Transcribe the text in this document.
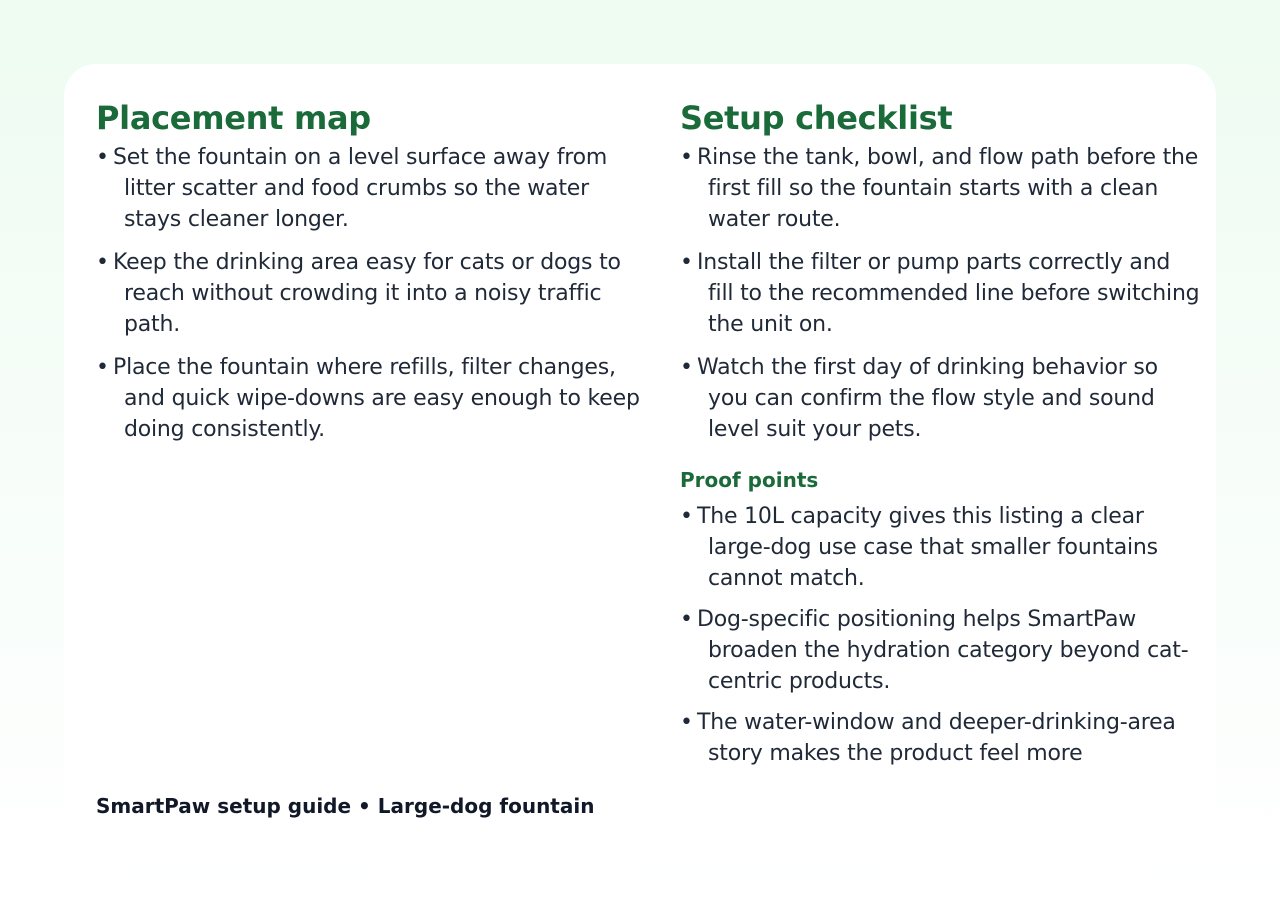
Placement map
• Set the fountain on a level surface away from litter scatter and food crumbs so the water stays cleaner longer.
• Keep the drinking area easy for cats or dogs to reach without crowding it into a noisy traffic path.
• Place the fountain where refills, filter changes, and quick wipe-downs are easy enough to keep doing consistently.
Setup checklist
• Rinse the tank, bowl, and flow path before the first fill so the fountain starts with a clean water route.
• Install the filter or pump parts correctly and fill to the recommended line before switching the unit on.
• Watch the first day of drinking behavior so you can confirm the flow style and sound level suit your pets.
Proof points
• The 10L capacity gives this listing a clear large-dog use case that smaller fountains cannot match.
• Dog-specific positioning helps SmartPaw broaden the hydration category beyond cat-centric products.
• The water-window and deeper-drinking-area story makes the product feel more
SmartPaw setup guide • Large-dog fountain
